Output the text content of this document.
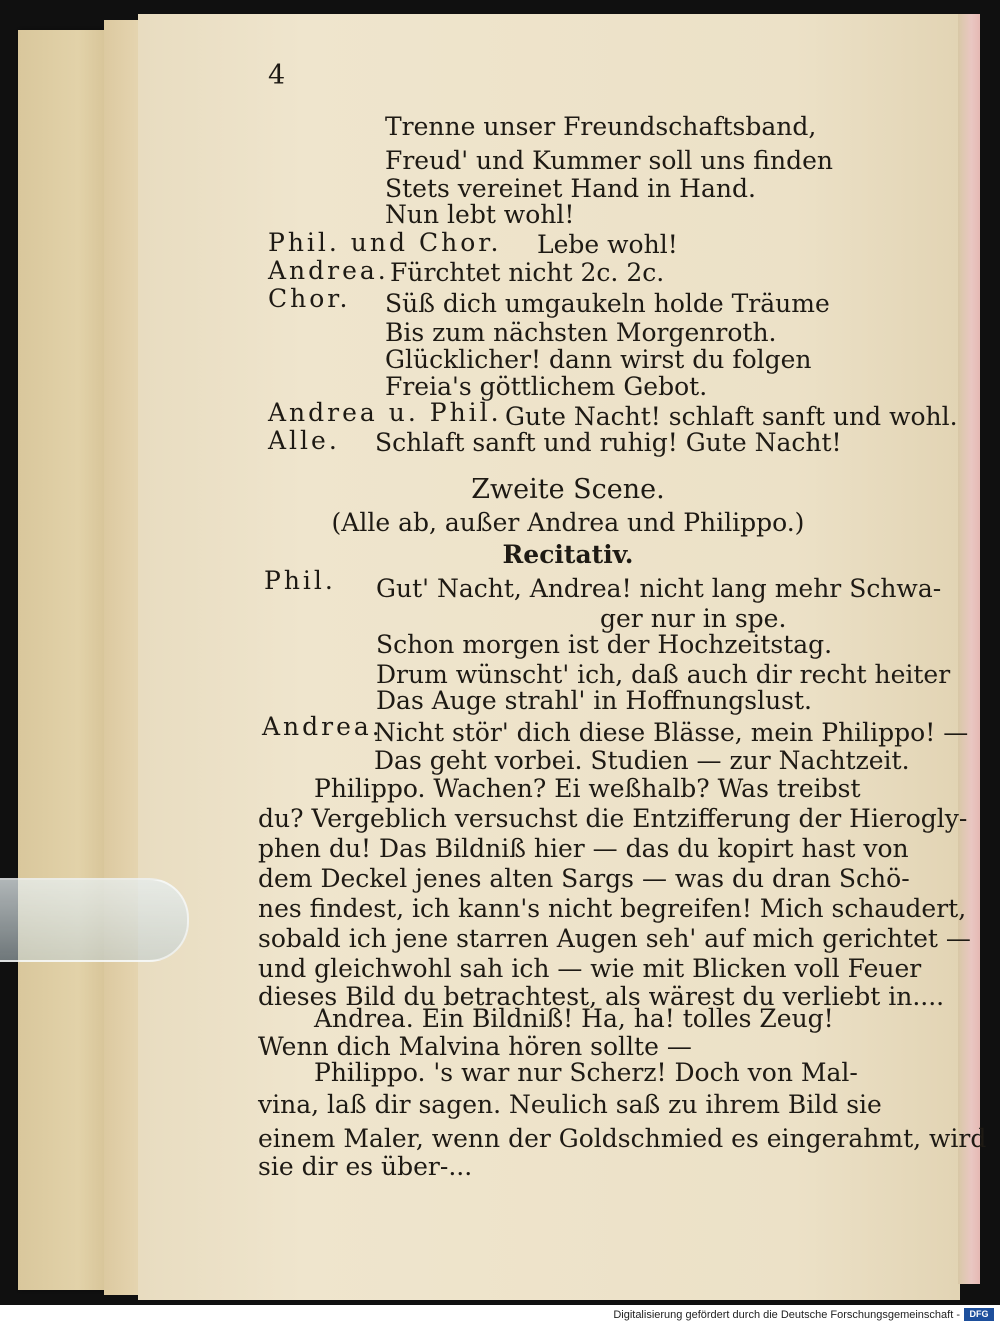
4
Trenne unser Freundschaftsband,
Freud' und Kummer soll uns finden
Stets vereinet Hand in Hand.
Nun lebt wohl!
Phil. und Chor. Lebe wohl!
Andrea. Fürchtet nicht 2c. 2c.
Chor. Süß dich umgaukeln holde Träume
Bis zum nächsten Morgenroth.
Glücklicher! dann wirst du folgen
Freia's göttlichem Gebot.
Andrea u. Phil. Gute Nacht! schlaft sanft und wohl.
Alle. Schlaft sanft und ruhig! Gute Nacht!
Zweite Scene.
(Alle ab, außer Andrea und Philippo.)
Recitativ.
Phil. Gut' Nacht, Andrea! nicht lang mehr Schwa-
ger nur in spe.
Schon morgen ist der Hochzeitstag.
Drum wünscht' ich, daß auch dir recht heiter
Das Auge strahl' in Hoffnungslust.
Andrea.
Nicht stör' dich diese Blässe, mein Philippo! —
Das geht vorbei. Studien — zur Nachtzeit.
Philippo. Wachen? Ei weßhalb? Was treibst
du? Vergeblich versuchst die Entzifferung der Hierogly-
phen du! Das Bildniß hier — das du kopirt hast von
dem Deckel jenes alten Sargs — was du dran Schö-
nes findest, ich kann's nicht begreifen! Mich schaudert,
sobald ich jene starren Augen seh' auf mich gerichtet —
und gleichwohl sah ich — wie mit Blicken voll Feuer
dieses Bild du betrachtest, als wärest du verliebt in....
Andrea. Ein Bildniß! Ha, ha! tolles Zeug!
Wenn dich Malvina hören sollte —
Philippo. 's war nur Scherz! Doch von Mal-
vina, laß dir sagen. Neulich saß zu ihrem Bild sie
einem Maler, wenn der Goldschmied es eingerahmt, wird
sie dir es über-...
Digitalisierung gefördert durch die Deutsche Forschungsgemeinschaft -	DFG
